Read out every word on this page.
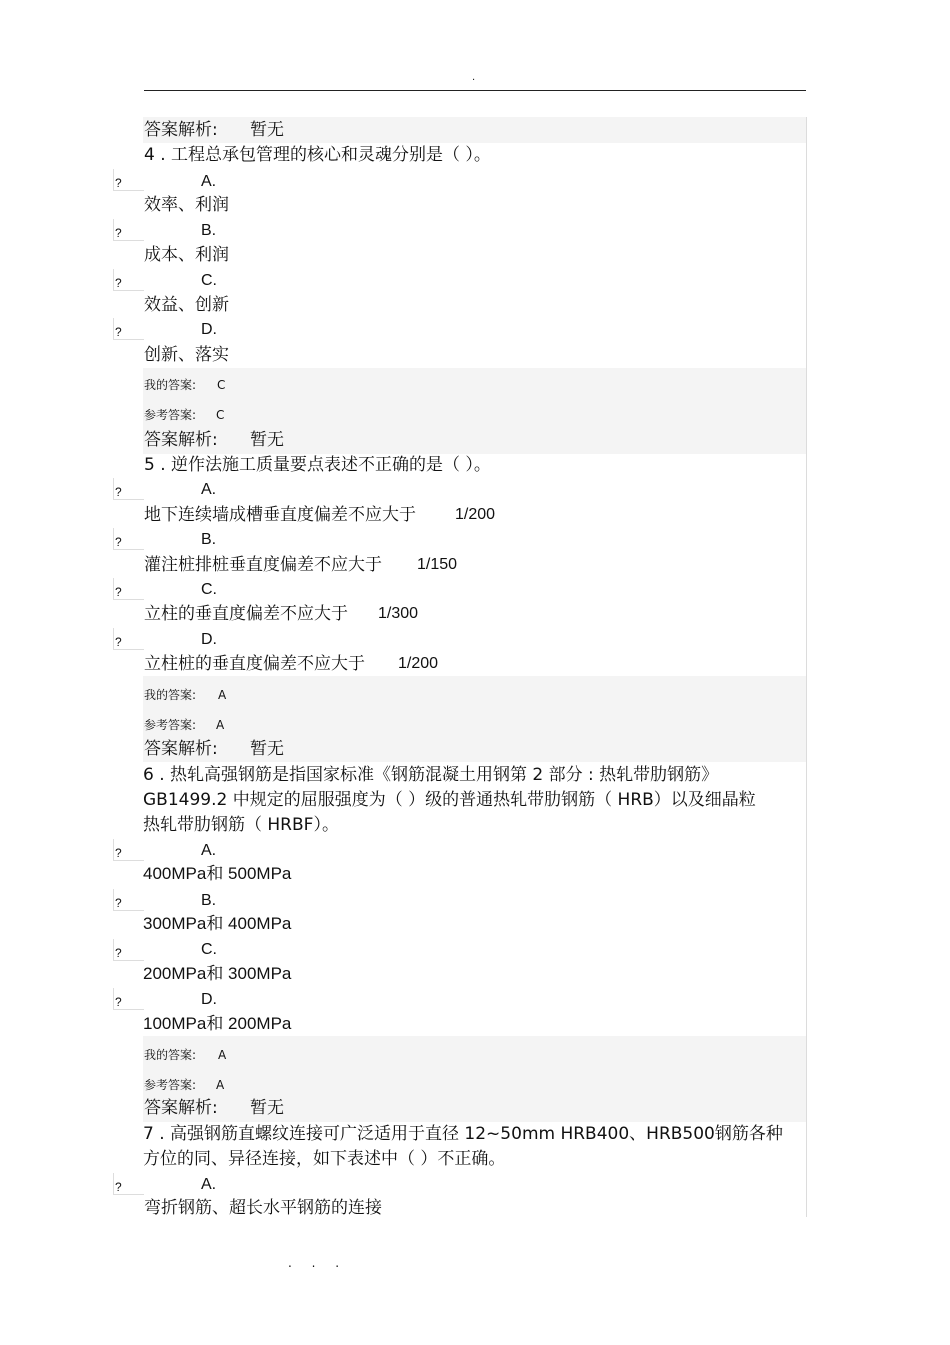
.
答案解析: 暂无
4 . 工程总承包管理的核心和灵魂分别是（ ）。
?	A.
效率、利润
?	B.
成本、利润
?	C.
效益、创新
?	D.
创新、落实
我的答案: C
参考答案: C
答案解析: 暂无
5 . 逆作法施工质量要点表述不正确的是（ ）。
?	A.
地下连续墙成槽垂直度偏差不应大于 1/200
?	B.
灌注桩排桩垂直度偏差不应大于 1/150
?	C.
立柱的垂直度偏差不应大于 1/300
?	D.
立柱桩的垂直度偏差不应大于 1/200
我的答案: A
参考答案: A
答案解析: 暂无
6 . 热轧高强钢筋是指国家标准《钢筋混凝土用钢第 2 部分 : 热轧带肋钢筋》
GB1499.2 中规定的屈服强度为（ ）级的普通热轧带肋钢筋（ HRB）以及细晶粒
热轧带肋钢筋（ HRBF）。
?	A.
400MPa和 500MPa
?	B.
300MPa和 400MPa
?	C.
200MPa和 300MPa
?	D.
100MPa和 200MPa
我的答案: A
参考答案: A
答案解析: 暂无
7 . 高强钢筋直螺纹连接可广泛适用于直径 12~50mm HRB400、HRB500钢筋各种
方位的同、异径连接，如下表述中（ ）不正确。
?	A.
弯折钢筋、超长水平钢筋的连接
. . .
